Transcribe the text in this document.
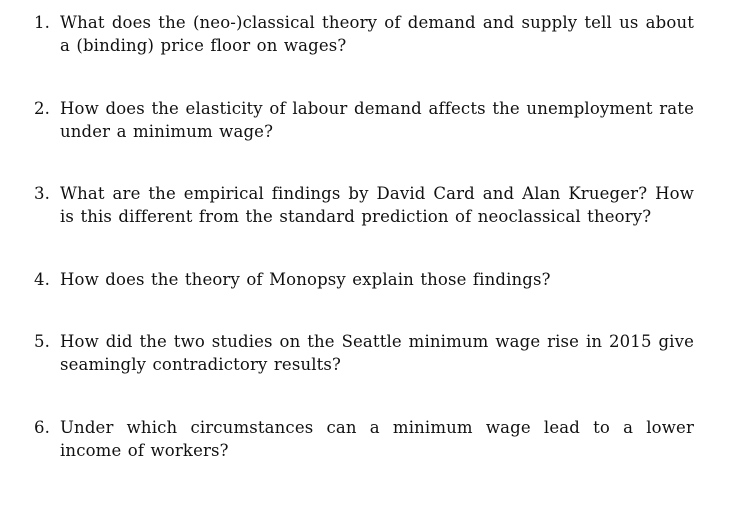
1. What does the (neo-)classical theory of demand and supply tell us about a (binding) price floor on wages?
2. How does the elasticity of labour demand affects the unemployment rate under a minimum wage?
3. What are the empirical findings by David Card and Alan Krueger? How is this different from the standard prediction of neoclassical theory?
4. How does the theory of Monopsy explain those findings?
5. How did the two studies on the Seattle minimum wage rise in 2015 give seamingly contradictory results?
6. Under which circumstances can a minimum wage lead to a lower income of workers?
